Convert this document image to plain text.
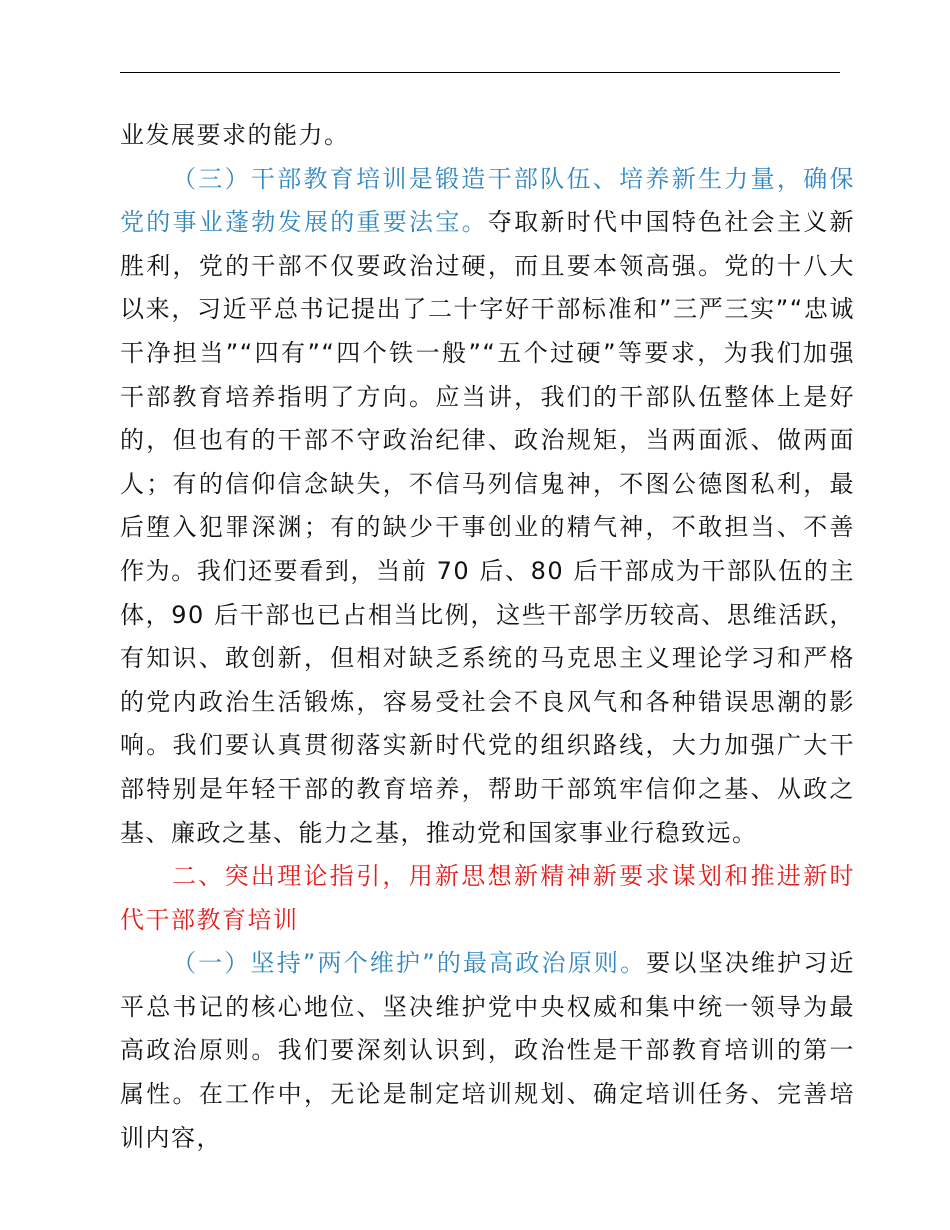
业发展要求的能力。

（三）干部教育培训是锻造干部队伍、培养新生力量，确保党的事业蓬勃发展的重要法宝。夺取新时代中国特色社会主义新胜利，党的干部不仅要政治过硬，而且要本领高强。党的十八大以来，习近平总书记提出了二十字好干部标准和”三严三实”“忠诚干净担当”“四有”“四个铁一般”“五个过硬”等要求，为我们加强干部教育培养指明了方向。应当讲，我们的干部队伍整体上是好的，但也有的干部不守政治纪律、政治规矩，当两面派、做两面人；有的信仰信念缺失，不信马列信鬼神，不图公德图私利，最后堕入犯罪深渊；有的缺少干事创业的精气神，不敢担当、不善作为。我们还要看到，当前 70 后、80 后干部成为干部队伍的主体，90 后干部也已占相当比例，这些干部学历较高、思维活跃，有知识、敢创新，但相对缺乏系统的马克思主义理论学习和严格的党内政治生活锻炼，容易受社会不良风气和各种错误思潮的影响。我们要认真贯彻落实新时代党的组织路线，大力加强广大干部特别是年轻干部的教育培养，帮助干部筑牢信仰之基、从政之基、廉政之基、能力之基，推动党和国家事业行稳致远。

二、突出理论指引，用新思想新精神新要求谋划和推进新时代干部教育培训

（一）坚持”两个维护”的最高政治原则。要以坚决维护习近平总书记的核心地位、坚决维护党中央权威和集中统一领导为最高政治原则。我们要深刻认识到，政治性是干部教育培训的第一属性。在工作中，无论是制定培训规划、确定培训任务、完善培训内容，
